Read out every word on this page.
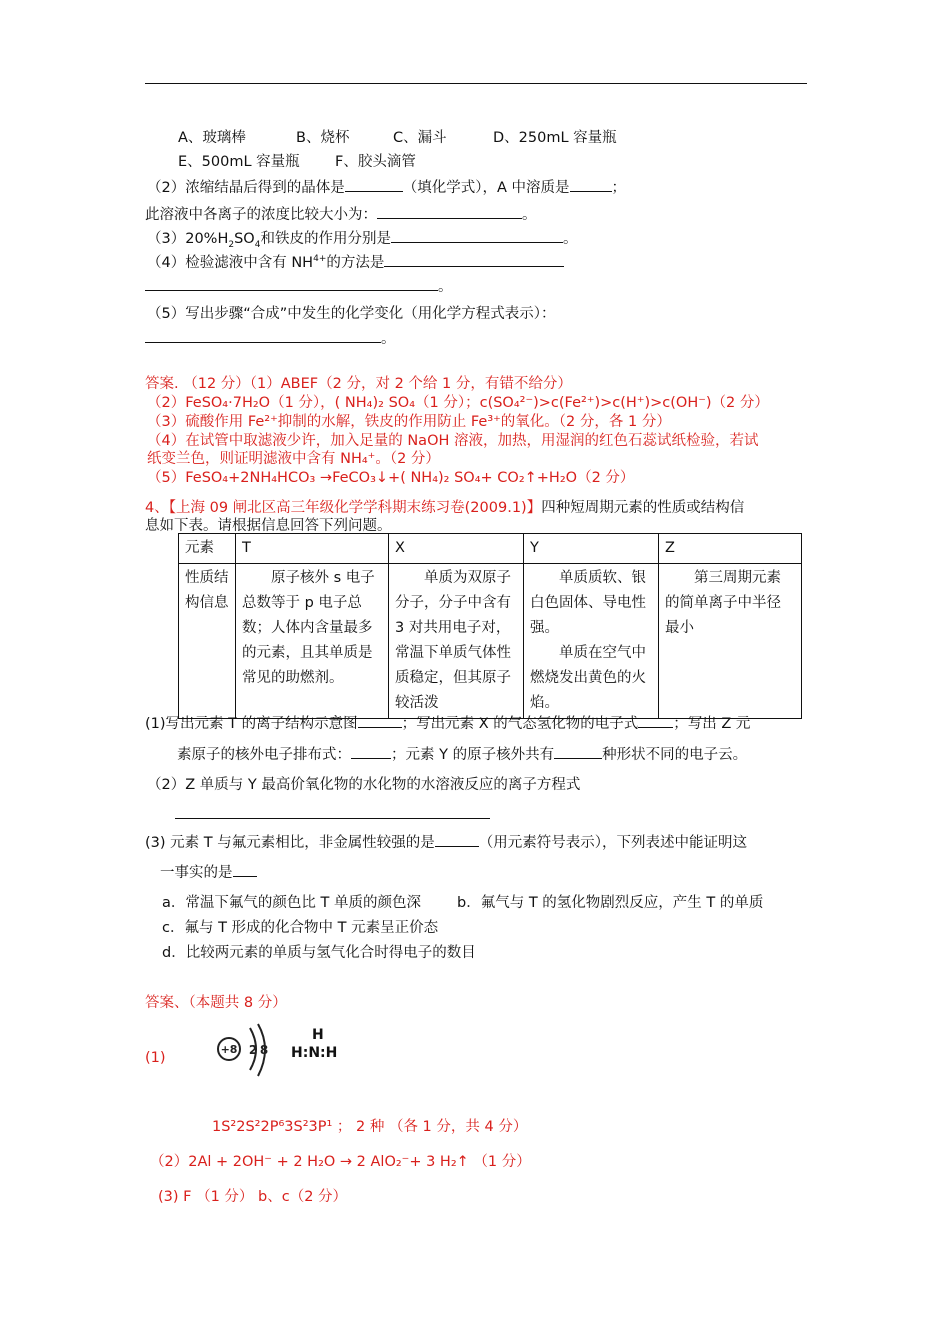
A、玻璃棒	B、烧杯	C、漏斗	D、250mL 容量瓶
E、500mL 容量瓶 F、胶头滴管
（2）浓缩结晶后得到的晶体是	（填化学式），A 中溶质是	；
此溶液中各离子的浓度比较大小为：	。
$(3)20\%H_2SO_4$和铁皮的作用分别是	。
（4）检验滤液中含有 $NH^{4+}$的方法是
。
（5）写出步骤“合成”中发生的化学变化（用化学方程式表示）：
。
答案. （12 分）（1）ABEF（2 分，对 2 个给 1 分，有错不给分）
（2）FeSO₄·7H₂O（1 分），( NH₄)₂ SO₄（1 分）；c(SO₄²⁻)>c(Fe²⁺)>c(H⁺)>c(OH⁻)（2 分）
（3）硫酸作用 Fe²⁺抑制的水解，铁皮的作用防止 Fe³⁺的氧化。（2 分，各 1 分）
（4）在试管中取滤液少许，加入足量的 NaOH 溶液，加热，用湿润的红色石蕊试纸检验，若试
纸变兰色，则证明滤液中含有 NH₄⁺。（2 分）
（5）FeSO₄+2NH₄HCO₃ →FeCO₃↓+( NH₄)₂ SO₄+ CO₂↑+H₂O（2 分）
4、【上海 09 闸北区高三年级化学学科期末练习卷(2009.1)】四种短周期元素的性质或结构信
息如下表。请根据信息回答下列问题。
元素	T	X	Y	Z
性质结构信息	原子核外 s 电子总数等于 p 电子总数；人体内含量最多的元素，且其单质是常见的助燃剂。	单质为双原子分子，分子中含有 3 对共用电子对，常温下单质气体性质稳定，但其原子较活泼	单质质软、银白色固体、导电性强。
单质在空气中燃烧发出黄色的火焰。	第三周期元素的简单离子中半径最小
(1)写出元素 T 的离子结构示意图	；写出元素 X 的气态氢化物的电子式 ；写出 Z 元
素原子的核外电子排布式：	；元素 Y 的原子核外共有	种形状不同的电子云。
（2）Z 单质与 Y 最高价氧化物的水化物的水溶液反应的离子方程式
(3) 元素 T 与氟元素相比，非金属性较强的是	（用元素符号表示），下列表述中能证明这
一事实的是
a．常温下氟气的颜色比 T 单质的颜色深 b．氟气与 T 的氢化物剧烈反应，产生 T 的单质
c．氟与 T 形成的化合物中 T 元素呈正价态
d．比较两元素的单质与氢气化合时得电子的数目
答案、（本题共 8 分）
(1)
+8 2 8
H
H:N:H
1S²2S²2P⁶3S²3P¹ ； 2 种 （各 1 分，共 4 分）
（2）2Al + 2OH⁻ + 2 H₂O → 2 AlO₂⁻+ 3 H₂↑ （1 分）
(3) F （1 分） b、c（2 分）
